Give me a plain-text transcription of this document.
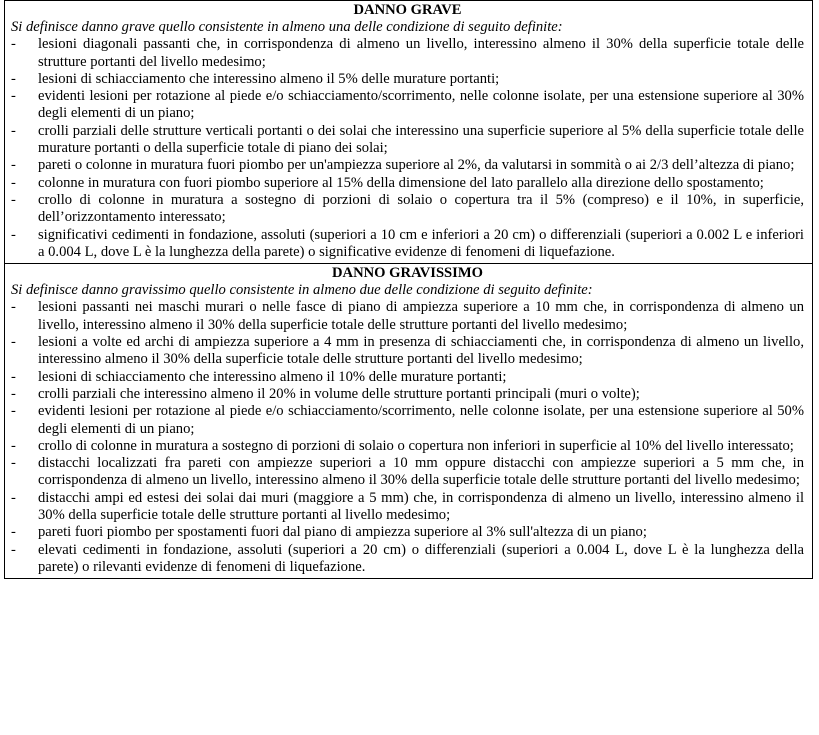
DANNO GRAVE
Si definisce danno grave quello consistente in almeno una delle condizione di seguito definite:
- lesioni diagonali passanti che, in corrispondenza di almeno un livello, interessino almeno il 30% della superficie totale delle strutture portanti del livello medesimo;
- lesioni di schiacciamento che interessino almeno il 5% delle murature portanti;
- evidenti lesioni per rotazione al piede e/o schiacciamento/scorrimento, nelle colonne isolate, per una estensione superiore al 30% degli elementi di un piano;
- crolli parziali delle strutture verticali portanti o dei solai che interessino una superficie superiore al 5% della superficie totale delle murature portanti o della superficie totale di piano dei solai;
- pareti o colonne in muratura fuori piombo per un'ampiezza superiore al 2%, da valutarsi in sommità o ai 2/3 dell’altezza di piano;
- colonne in muratura con fuori piombo superiore al 15% della dimensione del lato parallelo alla direzione dello spostamento;
- crollo di colonne in muratura a sostegno di porzioni di solaio o copertura tra il 5% (compreso) e il 10%, in superficie, dell’orizzontamento interessato;
- significativi cedimenti in fondazione, assoluti (superiori a 10 cm e inferiori a 20 cm) o differenziali (superiori a 0.002 L e inferiori a 0.004 L, dove L è la lunghezza della parete) o significative evidenze di fenomeni di liquefazione.
DANNO GRAVISSIMO
Si definisce danno gravissimo quello consistente in almeno due delle condizione di seguito definite:
- lesioni passanti nei maschi murari o nelle fasce di piano di ampiezza superiore a 10 mm che, in corrispondenza di almeno un livello, interessino almeno il 30% della superficie totale delle strutture portanti del livello medesimo;
- lesioni a volte ed archi di ampiezza superiore a 4 mm in presenza di schiacciamenti che, in corrispondenza di almeno un livello, interessino almeno il 30% della superficie totale delle strutture portanti del livello medesimo;
- lesioni di schiacciamento che interessino almeno il 10% delle murature portanti;
- crolli parziali che interessino almeno il 20% in volume delle strutture portanti principali (muri o volte);
- evidenti lesioni per rotazione al piede e/o schiacciamento/scorrimento, nelle colonne isolate, per una estensione superiore al 50% degli elementi di un piano;
- crollo di colonne in muratura a sostegno di porzioni di solaio o copertura non inferiori in superficie al 10% del livello interessato;
- distacchi localizzati fra pareti con ampiezze superiori a 10 mm oppure distacchi con ampiezze superiori a 5 mm che, in corrispondenza di almeno un livello, interessino almeno il 30% della superficie totale delle strutture portanti del livello medesimo;
- distacchi ampi ed estesi dei solai dai muri (maggiore a 5 mm) che, in corrispondenza di almeno un livello, interessino almeno il 30% della superficie totale delle strutture portanti al livello medesimo;
- pareti fuori piombo per spostamenti fuori dal piano di ampiezza superiore al 3% sull'altezza di un piano;
- elevati cedimenti in fondazione, assoluti (superiori a 20 cm) o differenziali (superiori a 0.004 L, dove L è la lunghezza della parete) o rilevanti evidenze di fenomeni di liquefazione.
